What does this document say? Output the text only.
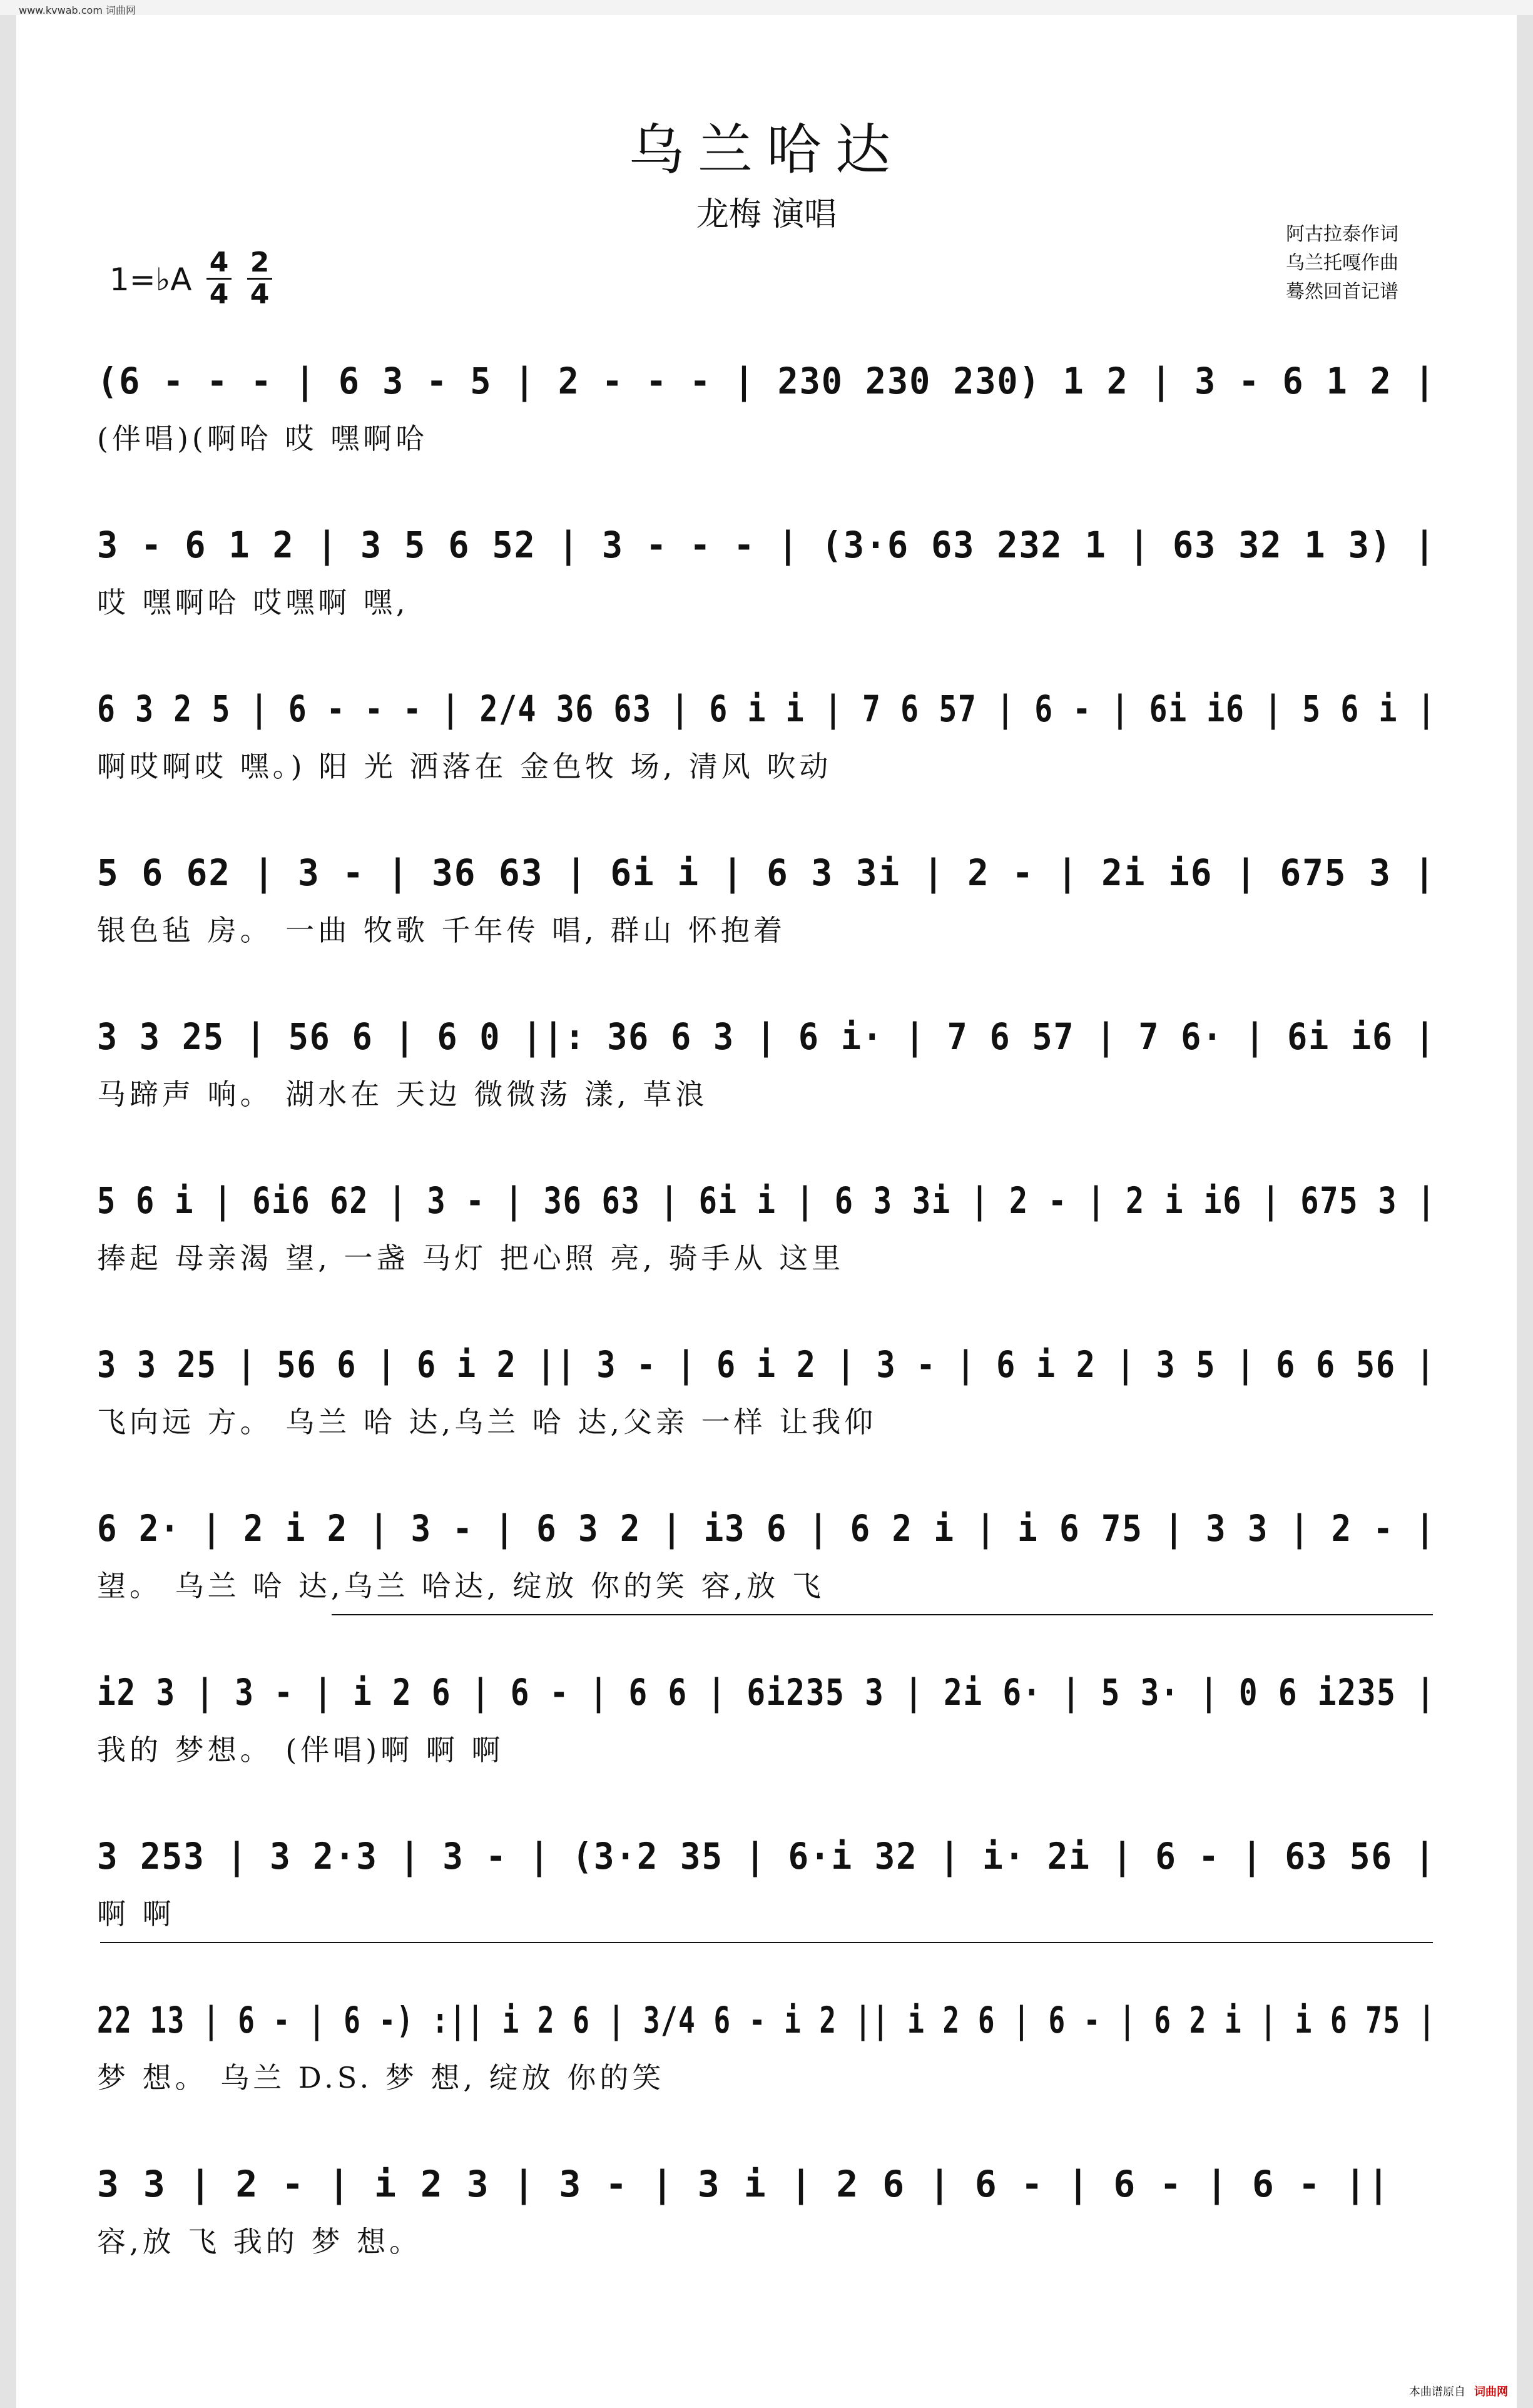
www.kvwab.com 词曲网
乌兰哈达
龙梅 演唱
阿古拉泰作词
乌兰托嘎作曲
蓦然回首记谱
1=♭A $\frac{4}{4} \frac{2}{4}$
(6 - - - | 6 3 - 5 | 2 - - - | 230 230 230) 1 2 | 3 - 6 1 2 |
(伴唱)(啊哈 哎 嘿啊哈
3 - 6 1 2 | 3 5 6 52 | 3 - - - | (3·6 63 232 1 | 63 32 1 3) |
哎 嘿啊哈 哎嘿啊 嘿,
6 3 2 5 | 6 - - - | 2/4 36 63 | 6 i i | 7 6 57 | 6 - | 6i i6 | 5 6 i |
啊哎啊哎 嘿。) 阳 光 洒落在 金色牧 场, 清风 吹动
5 6 62 | 3 - | 36 63 | 6i i | 6 3 3i | 2 - | 2i i6 | 675 3 |
银色毡 房。 一曲 牧歌 千年传 唱, 群山 怀抱着
3 3 25 | 56 6 | 6 0 ||: 36 6 3 | 6 i· | 7 6 57 | 7 6· | 6i i6 |
马蹄声 响。 湖水在 天边 微微荡 漾, 草浪
5 6 i | 6i6 62 | 3 - | 36 63 | 6i i | 6 3 3i | 2 - | 2 i i6 | 675 3 |
捧起 母亲渴 望, 一盏 马灯 把心照 亮, 骑手从 这里
3 3 25 | 56 6 | 6 i 2 || 3 - | 6 i 2 | 3 - | 6 i 2 | 3 5 | 6 6 56 |
飞向远 方。 乌兰 哈 达,乌兰 哈 达,父亲 一样 让我仰
6 2· | 2 i 2 | 3 - | 6 3 2 | i3 6 | 6 2 i | i 6 75 | 3 3 | 2 - |
望。 乌兰 哈 达,乌兰 哈达, 绽放 你的笑 容,放 飞
i2 3 | 3 - | i 2 6 | 6 - | 6 6 | 6i235 3 | 2i 6· | 5 3· | 0 6 i235 |
我的 梦想。 (伴唱)啊 啊 啊
3 253 | 3 2·3 | 3 - | (3·2 35 | 6·i 32 | i· 2i | 6 - | 63 56 |
啊 啊
22 13 | 6 - | 6 -) :|| i 2 6 | 3/4 6 - i 2 || i 2 6 | 6 - | 6 2 i | i 6 75 |
梦 想。 乌兰 D.S. 梦 想, 绽放 你的笑
3 3 | 2 - | i 2 3 | 3 - | 3 i | 2 6 | 6 - | 6 - | 6 - ||
容,放 飞 我的 梦 想。
本曲谱原自 词曲网
